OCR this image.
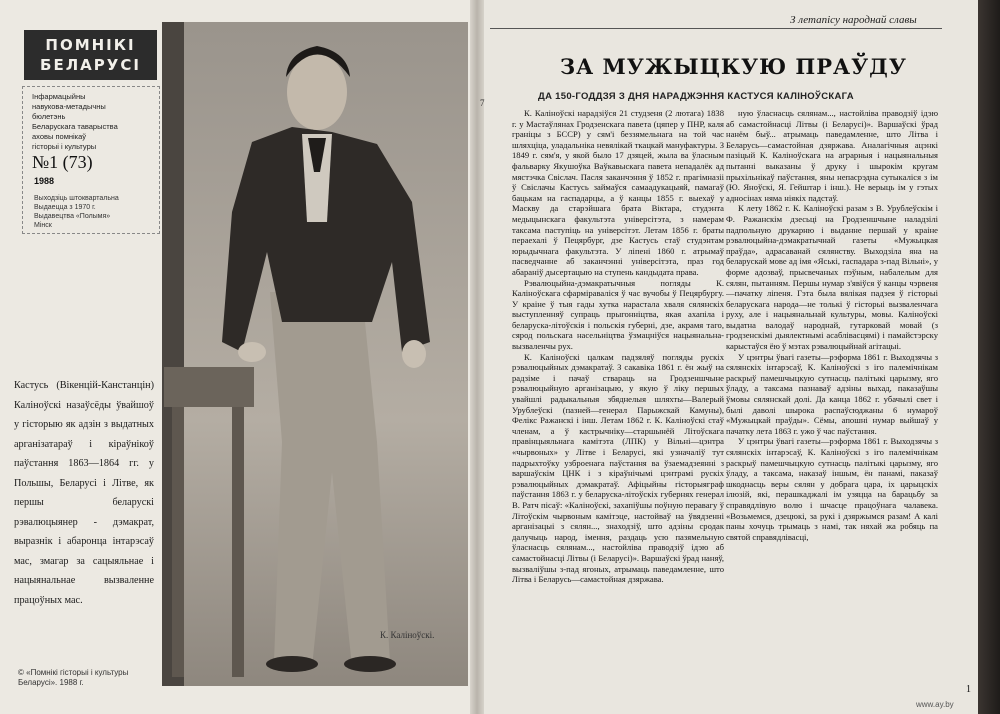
ПОМНІКІ
БЕЛАРУСІ
Інфармацыйны
навукова-метадычны
бюлетэнь
Беларускага таварыства
аховы помнікаў
гісторыі і культуры
№1 (73)
1988
Выходзіць штоквартальна
Выдаецца з 1970 г.
Выдавецтва «Полымя»
Мінск
Кастусь (Вікенцій-Канстанцін) Каліноўскі назаўсёды ўвайшоў у гісторыю як адзін з выдатных арганізатараў і кіраўнікоў паўстання 1863—1864 гг. у Польшы, Беларусі і Літве, як першы беларускі рэвалюцыянер - дэмакрат, выразнік і абаронца інтарэсаў мас, змагар за сацыяльнае і нацыянальнае вызваленне працоўных мас.
К. Каліноўскі.
© «Помнікі гісторыі і культуры Беларусі». 1988 г.
З летапісу народнай славы
ЗА МУЖЫЦКУЮ ПРАЎДУ
ДА 150-ГОДДЗЯ З ДНЯ НАРАДЖЭННЯ КАСТУСЯ КАЛІНОЎСКАГА
7

К. Каліноўскі нарадзіўся 21 студзеня (2 лютага) 1838 г. у Мастаўлянах Гродзенскага павета (цяпер у ПНР, каля граніцы з БССР) у сям'і беззямельнага на той час шляхціца, уладальніка невялікай ткацкай мануфактуры. З 1849 г. сям'я, у якой было 17 дзяцей, жыла ва ўласным фальварку Якушоўка Ваўкавыскага павета непадалёк ад мястэчка Свіслач. Пасля заканчэння ў 1852 г. прагімназіі ў Свіслачы Кастусь займаўся самаадукацыяй, памагаў бацькам на гаспадарцы, а ў канцы 1855 г. выехаў у Маскву да старэйшага брата Віктара, студэнта медыцынскага факультэта універсітэта, з намерам таксама паступіць на універсітэт. Летам 1856 г. браты пераехалі ў Пецярбург, дзе Кастусь стаў студэнтам юрыдычнага факультэта. У ліпені 1860 г. атрымаў пасведчанне аб заканчэнні універсітэта, праз год абараніў дысертацыю на ступень кандыдата права.

Рэвалюцыйна-дэмакратычныя погляды К. Каліноўскага сфарміраваліся ў час вучобы ў Пецярбургу. У краіне ў тыя гады хутка нарастала хваля сялянскіх выступленняў супраць прыгонніцтва, якая ахапіла і беларуска-літоўскія і польскія губерні, дзе, акрамя таго, сярод польскага насельніцтва ўзмацніўся нацыянальна-вызваленчы рух.

К. Каліноўскі цалкам падзяляў погляды рускіх рэвалюцыйных дэмакратаў. З сакавіка 1861 г. ён жыў на радзіме і пачаў ствараць на Гродзеншчыне рэвалюцыйную арганізацыю, у якую ў ліку першых увайшлі радыкальныя збяднелыя шляхты—Валерый Урублеўскі (пазней—генерал Парыжскай Камуны), Фелікс Ражанскі і інш. Летам 1862 г. К. Каліноўскі стаў членам, а ў кастрычніку—старшынёй Літоўскага правінцыяльнага камітэта (ЛПК) у Вільні—цэнтра «чырвоных» у Літве і Беларусі, які узначаліў тут падрыхтоўку узброенага паўстання ва ўзаемадзеянні з варшаўскім ЦНК і з кіраўнічымі цэнтрамі рускіх рэвалюцыйных дэмакратаў. Афіцыйны гісторыяграф паўстання 1863 г. у беларуска-літоўскіх губернях генерал В. Ратч пісаў: «Каліноўскі, захапіўшы поўную перавагу ў Літоўскім чырвоным камітэце, настойваў на ўвядзенні арганізацыі з сялян..., знаходзіў, што адзіны сродак далучыць народ, імення, раздаць усю пазямельную ўласнасць сялянам..., настойліва праводзіў ідэю аб самастойнасці Літвы (і Беларусі)». Варшаўскі ўрад наняў, вызваліўшы з-пад ягоных, атрымаць паведамленне, што Літва і Беларусь—самастойная дзяржава.

ную ўласнасць сялянам..., настойліва праводзіў ідэю аб самастойнасці Літвы (і Беларусі)». Варшаўскі ўрад нанём быў... атрымаць паведамленне, што Літва і Беларусь—самастойная дзяржава. Аналагічныя ацэнкі пазіцый К. Каліноўскага на аграрныя і нацыянальныя пытанні выказаны ў друку і шырокім кругам прыхільнікаў паўстання, яны непасрэдна сутыкаліся з ім (Ю. Яноўскі, Я. Гейштар і інш.). Не верыць ім у гэтых адносінах няма ніякіх падстаў.

К лету 1862 г. К. Каліноўскі разам з В. Урублеўскім і Ф. Ражанскім дзесьці на Гродзеншчыне наладзілі падпольную друкарню і выданне першай у краіне рэвалюцыйна-дэмакратычнай газеты «Мужыцкая праўда», адрасаванай сялянству. Выходзіла яна на беларускай мове ад імя «Яські, гаспадара з-пад Вільні», у форме адозваў, прысвечаных пэўным, набалелым для сялян, пытанням. Першы нумар з'явіўся ў канцы чэрвеня—пачатку ліпеня. Гэта была вялікая падзея ў гісторыі беларускага народа—не толькі ў гісторыі вызваленчага руху, але і нацыянальнай культуры, мовы. Каліноўскі выдатна валодаў народнай, гутарковай мовай (з гродзенскімі дыялектнымі асаблівасцямі) і памайстэрску карыстаўся ёю ў мэтах рэвалюцыйнай агітацыі.

У цэнтры ўвагі газеты—рэформа 1861 г. Выходзячы з сялянскіх інтарэсаў, К. Каліноўскі з іго палемічнікам раскрыў памешчыцкую сутнасць палітыкі царызму, яго ўладу, а таксама пазнаваў адзіны выхад, паказаўшы ўмовы сялянскай долі. Да канца 1862 г. убачылі свет і былі даволі шырока распаўсюджаны 6 нумароў «Мужыцкай праўды». Сёмы, апошні нумар выйшаў у пачатку лета 1863 г. ужо ў час паўстання.

У цэнтры ўвагі газеты—рэформа 1861 г. Выходзячы з сялянскіх інтарэсаў, К. Каліноўскі з іго палемічнікам раскрыў памешчыцкую сутнасць палітыкі царызму, яго ўладу, а таксама, наказаў іншым, ён панамі, паказаў шкоднасць веры сялян у добрага цара, іх царыцскіх ілюзій, які, перашкаджалі ім узяцца на барацьбу за справядлівую волю і шчасце працоўнага чалавека. «Возьмемся, дзецюкі, за рукі і дзяржымся разам! А калі паны хочуць трымаць з намі, так няхай жа робяць па святой справядлівасці,

1
www.ay.by
